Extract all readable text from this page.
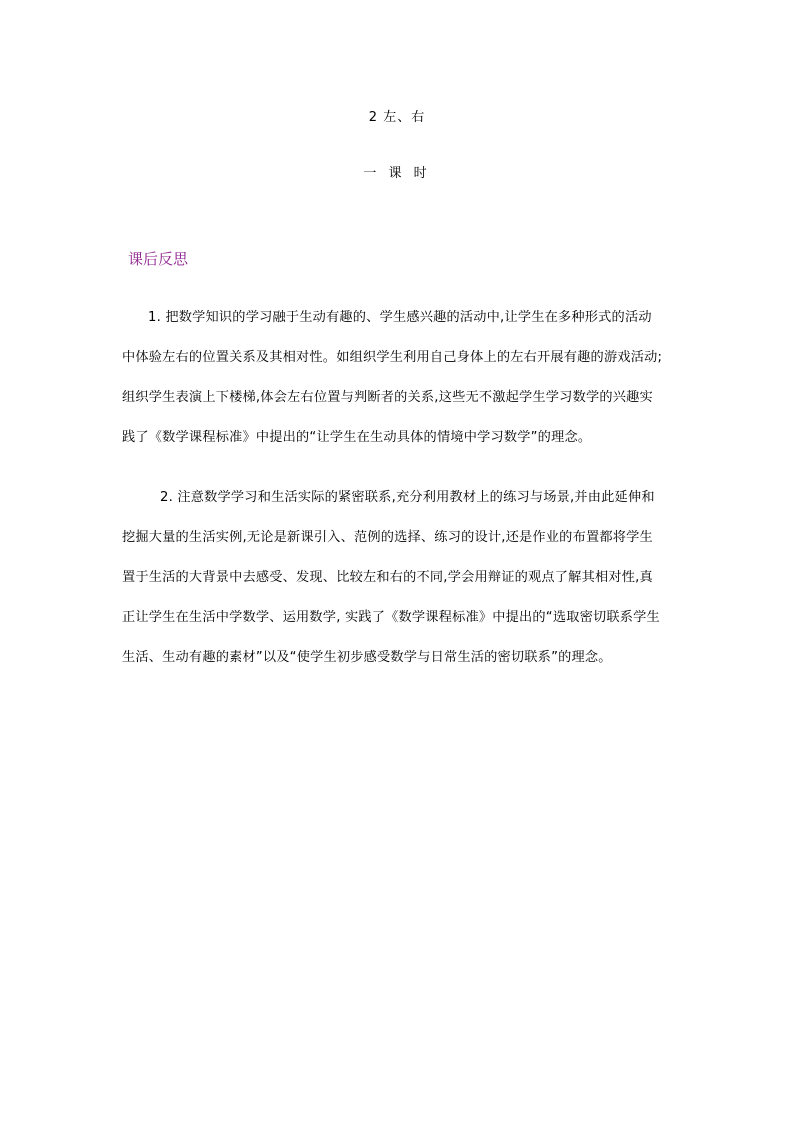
2 左、右
一 课 时
课后反思
1. 把数学知识的学习融于生动有趣的、学生感兴趣的活动中,让学生在多种形式的活动
中体验左右的位置关系及其相对性。如组织学生利用自己身体上的左右开展有趣的游戏活动;
组织学生表演上下楼梯,体会左右位置与判断者的关系,这些无不激起学生学习数学的兴趣实
践了《数学课程标准》中提出的“让学生在生动具体的情境中学习数学”的理念。
2. 注意数学学习和生活实际的紧密联系,充分利用教材上的练习与场景,并由此延伸和
挖掘大量的生活实例,无论是新课引入、范例的选择、练习的设计,还是作业的布置都将学生
置于生活的大背景中去感受、发现、比较左和右的不同,学会用辩证的观点了解其相对性,真
正让学生在生活中学数学、运用数学, 实践了《数学课程标准》中提出的“选取密切联系学生
生活、生动有趣的素材”以及“使学生初步感受数学与日常生活的密切联系”的理念。
